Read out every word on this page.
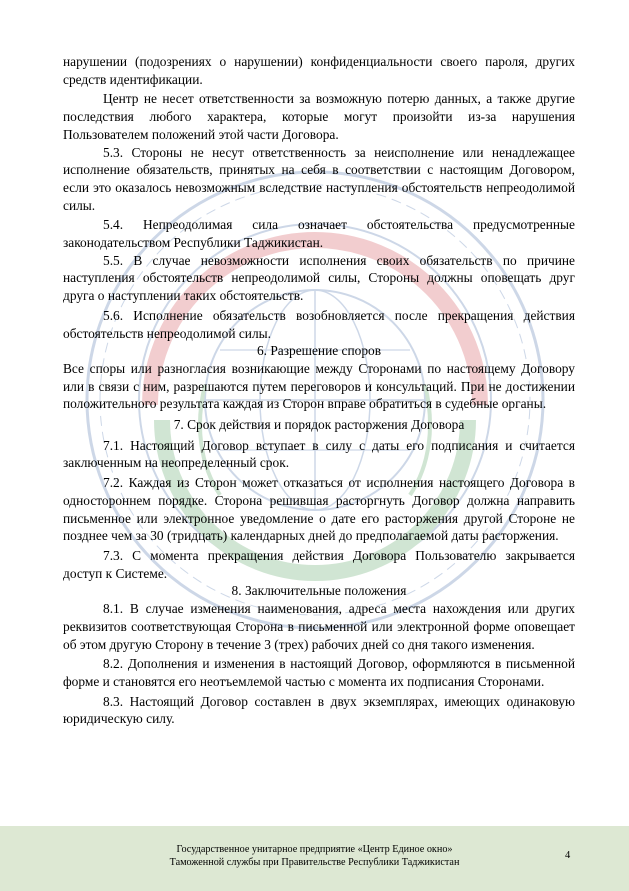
нарушении (подозрениях о нарушении) конфиденциальности своего пароля, других средств идентификации.

Центр не несет ответственности за возможную потерю данных, а также другие последствия любого характера, которые могут произойти из-за нарушения Пользователем положений этой части Договора.

5.3. Стороны не несут ответственность за неисполнение или ненадлежащее исполнение обязательств, принятых на себя в соответствии с настоящим Договором, если это оказалось невозможным вследствие наступления обстоятельств непреодолимой силы.

5.4. Непреодолимая сила означает обстоятельства предусмотренные законодательством Республики Таджикистан.

5.5. В случае невозможности исполнения своих обязательств по причине наступления обстоятельств непреодолимой силы, Стороны должны оповещать друг друга о наступлении таких обстоятельств.

5.6. Исполнение обязательств возобновляется после прекращения действия обстоятельств непреодолимой силы.

6. Разрешение споров

Все споры или разногласия возникающие между Сторонами по настоящему Договору или в связи с ним, разрешаются путем переговоров и консультаций. При не достижении положительного результата каждая из Сторон вправе обратиться в судебные органы.

7. Срок действия и порядок расторжения Договора

7.1. Настоящий Договор вступает в силу с даты его подписания и считается заключенным на неопределенный срок.

7.2. Каждая из Сторон может отказаться от исполнения настоящего Договора в одностороннем порядке. Сторона решившая расторгнуть Договор должна направить письменное или электронное уведомление о дате его расторжения другой Стороне не позднее чем за 30 (тридцать) календарных дней до предполагаемой даты расторжения.

7.3. С момента прекращения действия Договора Пользователю закрывается доступ к Системе.

8. Заключительные положения

8.1. В случае изменения наименования, адреса места нахождения или других реквизитов соответствующая Сторона в письменной или электронной форме оповещает об этом другую Сторону в течение 3 (трех) рабочих дней со дня такого изменения.

8.2. Дополнения и изменения в настоящий Договор, оформляются в письменной форме и становятся его неотъемлемой частью с момента их подписания Сторонами.

8.3. Настоящий Договор составлен в двух экземплярах, имеющих одинаковую юридическую силу.

Государственное унитарное предприятие «Центр Единое окно»
Таможенной службы при Правительстве Республики Таджикистан
4
